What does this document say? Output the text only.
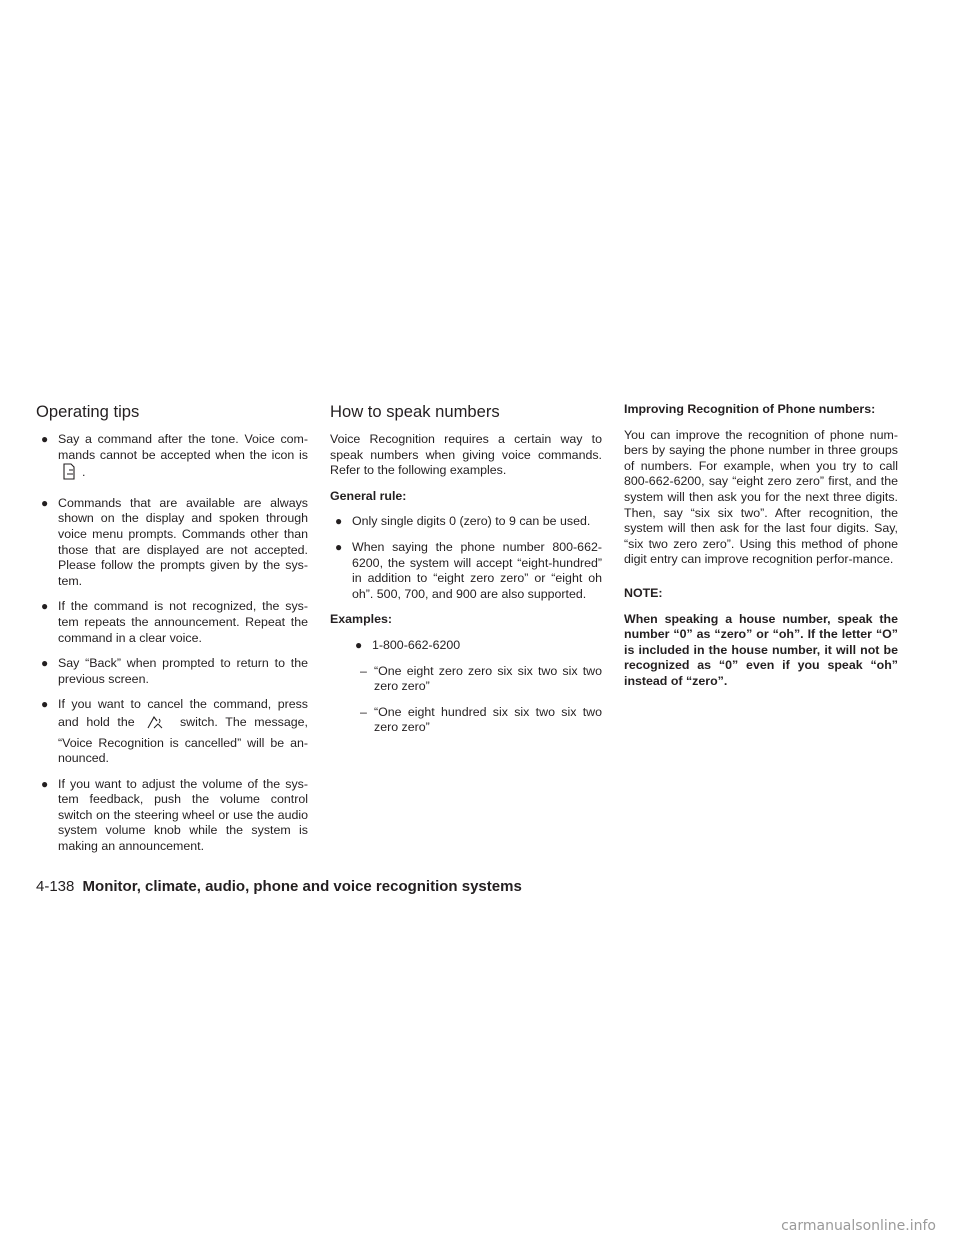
Operating tips
● Say a command after the tone. Voice com-mands cannot be accepted when the icon is .
● Commands that are available are always shown on the display and spoken through voice menu prompts. Commands other than those that are displayed are not accepted. Please follow the prompts given by the sys-tem.
● If the command is not recognized, the sys-tem repeats the announcement. Repeat the command in a clear voice.
● Say “Back” when prompted to return to the previous screen.
● If you want to cancel the command, press and hold the	switch. The message, “Voice Recognition is cancelled” will be an-nounced.
● If you want to adjust the volume of the sys-tem feedback, push the volume control switch on the steering wheel or use the audio system volume knob while the system is making an announcement.
How to speak numbers

Voice Recognition requires a certain way to speak numbers when giving voice commands. Refer to the following examples.

General rule:

● Only single digits 0 (zero) to 9 can be used.
● When saying the phone number 800-662-6200, the system will accept “eight-hundred” in addition to “eight zero zero” or “eight oh oh”. 500, 700, and 900 are also supported.

Examples:

● 1-800-662-6200
– “One eight zero zero six six two six two zero zero”
– “One eight hundred six six two six two zero zero”

Improving Recognition of Phone numbers:

You can improve the recognition of phone num-bers by saying the phone number in three groups of numbers. For example, when you try to call 800-662-6200, say “eight zero zero” first, and the system will then ask you for the next three digits. Then, say “six six two”. After recognition, the system will then ask for the last four digits. Say, “six two zero zero”. Using this method of phone digit entry can improve recognition perfor-mance.

NOTE:

When speaking a house number, speak the number “0” as “zero” or “oh”. If the letter “O” is included in the house number, it will not be recognized as “0” even if you speak “oh” instead of “zero”.

4-138 Monitor, climate, audio, phone and voice recognition systems
carmanualsonline.info
